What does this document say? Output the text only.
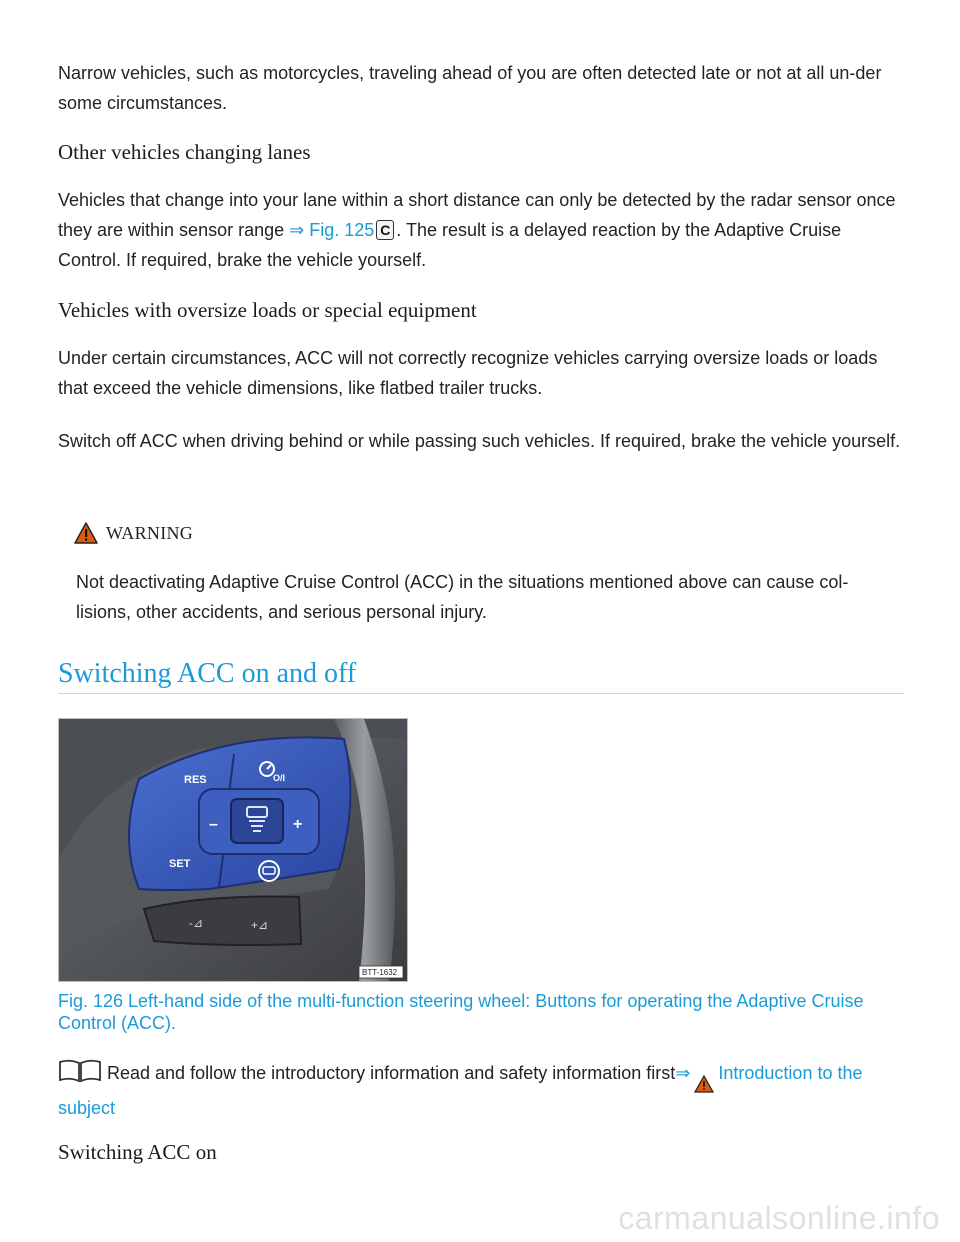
Narrow vehicles, such as motorcycles, traveling ahead of you are often detected late or not at all un-der some circumstances.

Other vehicles changing lanes

Vehicles that change into your lane within a short distance can only be detected by the radar sensor once they are within sensor range ⇒ Fig. 125 C . The result is a delayed reaction by the Adaptive Cruise Control. If required, brake the vehicle yourself.

Vehicles with oversize loads or special equipment

Under certain circumstances, ACC will not correctly recognize vehicles carrying oversize loads or loads that exceed the vehicle dimensions, like flatbed trailer trucks.

Switch off ACC when driving behind or while passing such vehicles. If required, brake the vehicle yourself.

WARNING

Not deactivating Adaptive Cruise Control (ACC) in the situations mentioned above can cause col-lisions, other accidents, and serious personal injury.

Switching ACC on and off
RES
SET
–	+
O/I
-⊿	+⊿
BTT-1632

Fig. 126 Left-hand side of the multi-function steering wheel: Buttons for operating the Adaptive Cruise Control (ACC).

Read and follow the introductory information and safety information first⇒ Introduction to the subject

Switching ACC on
carmanualsonline.info
